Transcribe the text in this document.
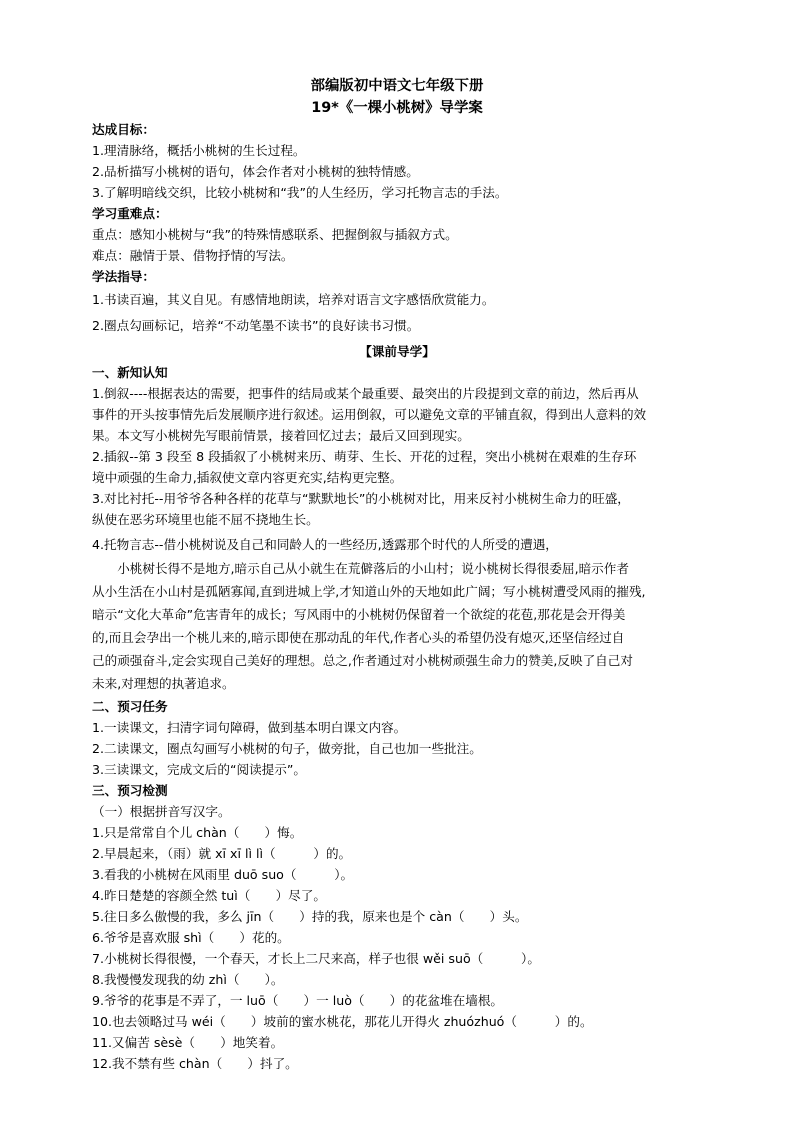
部编版初中语文七年级下册
19*《一棵小桃树》导学案
达成目标：
1.理清脉络，概括小桃树的生长过程。
2.品析描写小桃树的语句，体会作者对小桃树的独特情感。
3.了解明暗线交织，比较小桃树和“我”的人生经历，学习托物言志的手法。
学习重难点：
重点：感知小桃树与“我”的特殊情感联系、把握倒叙与插叙方式。
难点：融情于景、借物抒情的写法。
学法指导：
1.书读百遍，其义自见。有感情地朗读，培养对语言文字感悟欣赏能力。
2.圈点勾画标记，培养“不动笔墨不读书”的良好读书习惯。
【课前导学】
一、新知认知
1.倒叙----根据表达的需要，把事件的结局或某个最重要、最突出的片段提到文章的前边，然后再从
事件的开头按事情先后发展顺序进行叙述。运用倒叙，可以避免文章的平铺直叙，得到出人意料的效
果。本文写小桃树先写眼前情景，接着回忆过去；最后又回到现实。
2.插叙--第 3 段至 8 段插叙了小桃树来历、萌芽、生长、开花的过程，突出小桃树在艰难的生存环
境中顽强的生命力,插叙使文章内容更充实,结构更完整。
3.对比衬托--用爷爷各种各样的花草与“默默地长”的小桃树对比，用来反衬小桃树生命力的旺盛，
纵使在恶劣环境里也能不屈不挠地生长。
4.托物言志--借小桃树说及自己和同龄人的一些经历,透露那个时代的人所受的遭遇，
　　小桃树长得不是地方,暗示自己从小就生在荒僻落后的小山村；说小桃树长得很委屈,暗示作者
从小生活在小山村是孤陋寡闻,直到进城上学,才知道山外的天地如此广阔；写小桃树遭受风雨的摧残,
暗示“文化大革命”危害青年的成长；写风雨中的小桃树仍保留着一个欲绽的花苞,那花是会开得美
的,而且会孕出一个桃儿来的,暗示即使在那动乱的年代,作者心头的希望仍没有熄灭,还坚信经过自
己的顽强奋斗,定会实现自己美好的理想。总之,作者通过对小桃树顽强生命力的赞美,反映了自己对
未来,对理想的执著追求。
二、预习任务
1.一读课文，扫清字词句障碍，做到基本明白课文内容。
2.二读课文，圈点勾画写小桃树的句子，做旁批，自己也加一些批注。
3.三读课文，完成文后的“阅读提示”。
三、预习检测
（一）根据拼音写汉字。
1.只是常常自个儿 chàn（　　）悔。
2.早晨起来，（雨）就 xī xī lì lì（　　　）的。
3.看我的小桃树在风雨里 duō suo（　　　）。
4.昨日楚楚的容颜全然 tuì（　　）尽了。
5.往日多么傲慢的我，多么 jīn（　　）持的我，原来也是个 càn（　　）头。
6.爷爷是喜欢服 shì（　　）花的。
7.小桃树长得很慢，一个春天，才长上二尺来高，样子也很 wěi suō（　　　）。
8.我慢慢发现我的幼 zhì（　　）。
9.爷爷的花事是不弄了，一 luō（　　）一 luò（　　）的花盆堆在墙根。
10.也去领略过马 wéi（　　）坡前的蜜水桃花，那花儿开得火 zhuózhuó（　　　）的。
11.又偏苦 sèsè（　　）地笑着。
12.我不禁有些 chàn（　　）抖了。
